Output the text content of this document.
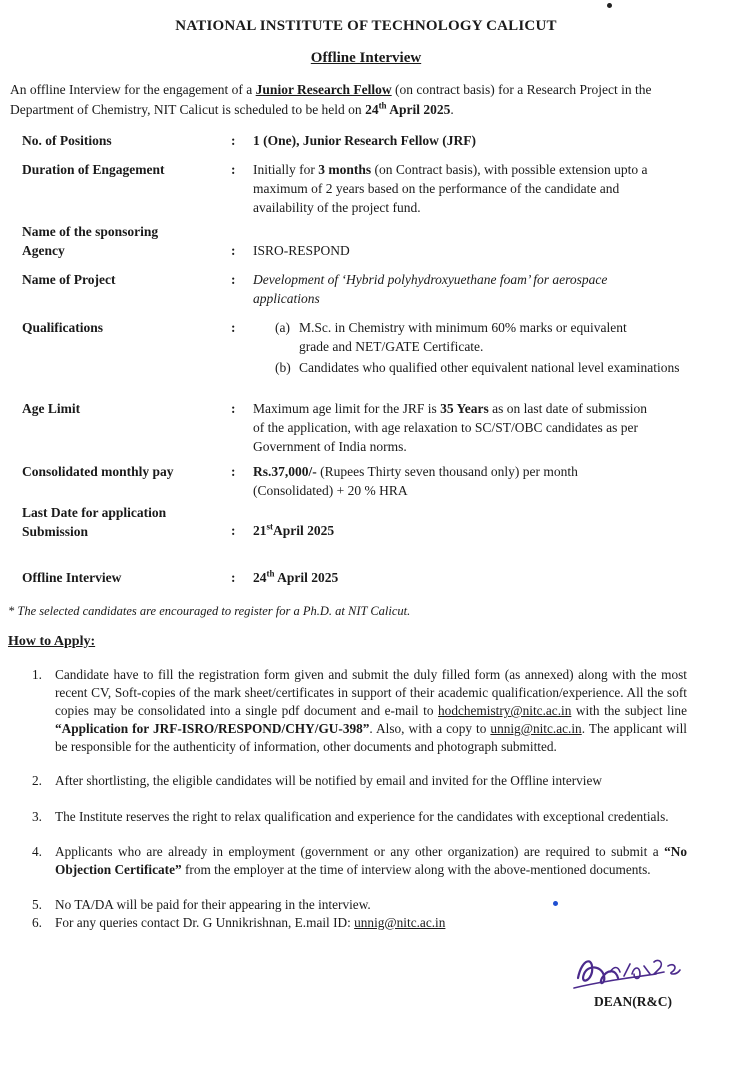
NATIONAL INSTITUTE OF TECHNOLOGY CALICUT
Offline Interview
An offline Interview for the engagement of a Junior Research Fellow (on contract basis) for a Research Project in the Department of Chemistry, NIT Calicut is scheduled to be held on 24th April 2025.
No. of Positions	:	1 (One), Junior Research Fellow (JRF)
Duration of Engagement	:	Initially for 3 months (on Contract basis), with possible extension upto a maximum of 2 years based on the performance of the candidate and availability of the project fund.
Name of the sponsoring
Agency	:	ISRO-RESPOND
Name of Project	:	Development of ‘Hybrid polyhydroxyuethane foam’ for aerospace applications
Qualifications	:	(a) M.Sc. in Chemistry with minimum 60% marks or equivalent grade and NET/GATE Certificate.
(b) Candidates who qualified other equivalent national level examinations
Age Limit	:	Maximum age limit for the JRF is 35 Years as on last date of submission of the application, with age relaxation to SC/ST/OBC candidates as per Government of India norms.
Consolidated monthly pay	:	Rs.37,000/- (Rupees Thirty seven thousand only) per month (Consolidated) + 20 % HRA
Last Date for application
Submission	:	21stApril 2025
Offline Interview	:	24th April 2025
* The selected candidates are encouraged to register for a Ph.D. at NIT Calicut.
How to Apply:
1. Candidate have to fill the registration form given and submit the duly filled form (as annexed) along with the most recent CV, Soft-copies of the mark sheet/certificates in support of their academic qualification/experience. All the soft copies may be consolidated into a single pdf document and e-mail to hodchemistry@nitc.ac.in with the subject line “Application for JRF-ISRO/RESPOND/CHY/GU-398”. Also, with a copy to unnig@nitc.ac.in. The applicant will be responsible for the authenticity of information, other documents and photograph submitted.
2. After shortlisting, the eligible candidates will be notified by email and invited for the Offline interview
3. The Institute reserves the right to relax qualification and experience for the candidates with exceptional credentials.
4. Applicants who are already in employment (government or any other organization) are required to submit a “No Objection Certificate” from the employer at the time of interview along with the above-mentioned documents.
5. No TA/DA will be paid for their appearing in the interview.
6. For any queries contact Dr. G Unnikrishnan, E.mail ID: unnig@nitc.ac.in
DEAN(R&C)
